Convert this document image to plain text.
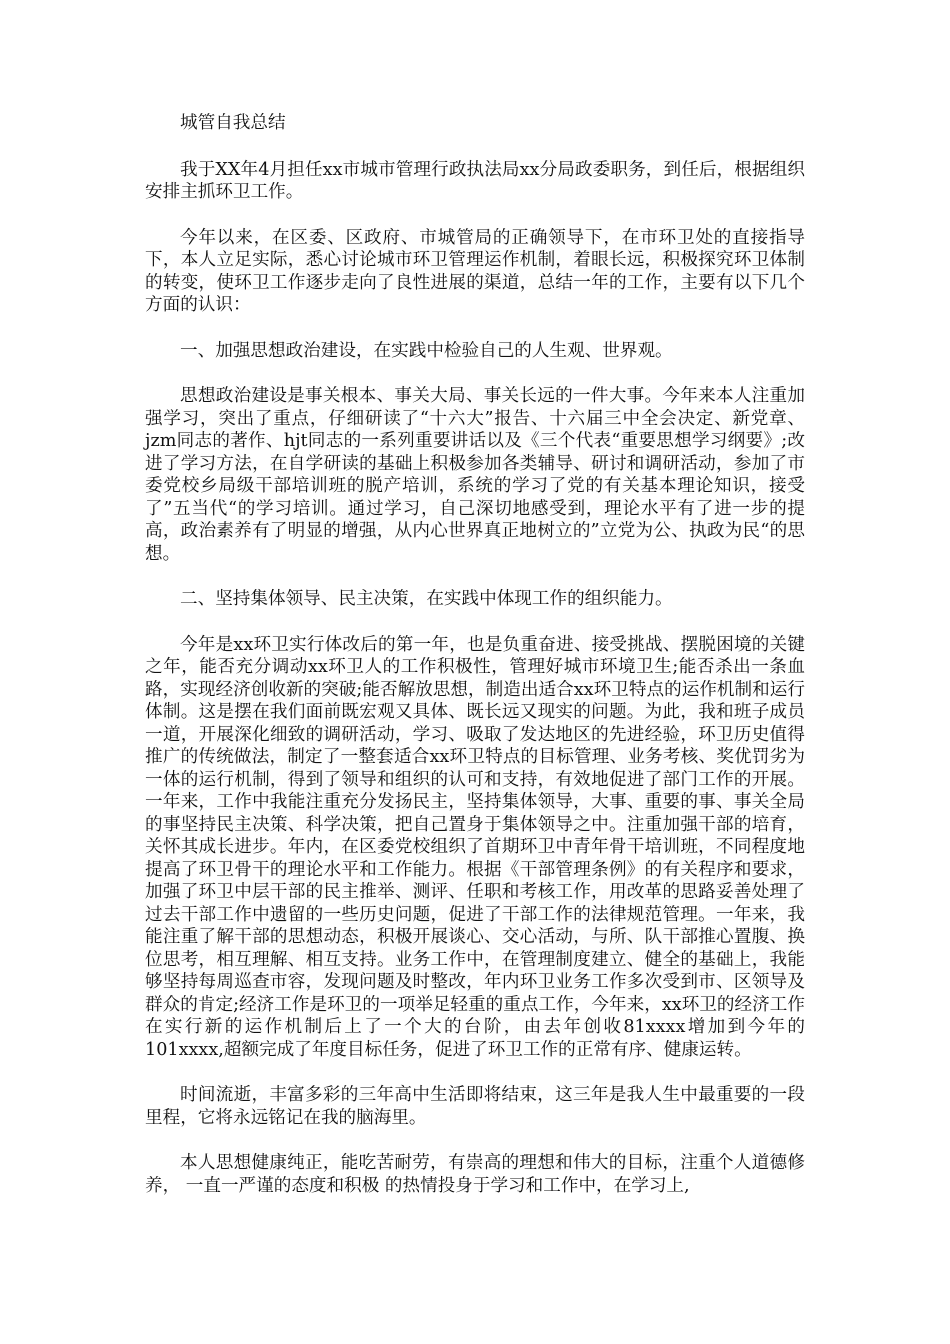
城管自我总结

我于XX年4月担任xx市城市管理行政执法局xx分局政委职务，到任后，根据组织安排主抓环卫工作。

今年以来，在区委、区政府、市城管局的正确领导下，在市环卫处的直接指导下，本人立足实际，悉心讨论城市环卫管理运作机制，着眼长远，积极探究环卫体制的转变，使环卫工作逐步走向了良性进展的渠道，总结一年的工作，主要有以下几个方面的认识：

一、加强思想政治建设，在实践中检验自己的人生观、世界观。

思想政治建设是事关根本、事关大局、事关长远的一件大事。今年来本人注重加强学习，突出了重点，仔细研读了“十六大”报告、十六届三中全会决定、新党章、jzm同志的著作、hjt同志的一系列重要讲话以及《三个代表“重要思想学习纲要》;改进了学习方法，在自学研读的基础上积极参加各类辅导、研讨和调研活动，参加了市委党校乡局级干部培训班的脱产培训，系统的学习了党的有关基本理论知识，接受了”五当代“的学习培训。通过学习，自己深切地感受到，理论水平有了进一步的提高，政治素养有了明显的增强，从内心世界真正地树立的”立党为公、执政为民“的思想。

二、坚持集体领导、民主决策，在实践中体现工作的组织能力。

今年是xx环卫实行体改后的第一年，也是负重奋进、接受挑战、摆脱困境的关键之年，能否充分调动xx环卫人的工作积极性，管理好城市环境卫生;能否杀出一条血路，实现经济创收新的突破;能否解放思想，制造出适合xx环卫特点的运作机制和运行体制。这是摆在我们面前既宏观又具体、既长远又现实的问题。为此，我和班子成员一道，开展深化细致的调研活动，学习、吸取了发达地区的先进经验，环卫历史值得推广的传统做法，制定了一整套适合xx环卫特点的目标管理、业务考核、奖优罚劣为一体的运行机制，得到了领导和组织的认可和支持，有效地促进了部门工作的开展。一年来，工作中我能注重充分发扬民主，坚持集体领导，大事、重要的事、事关全局的事坚持民主决策、科学决策，把自己置身于集体领导之中。注重加强干部的培育，关怀其成长进步。年内，在区委党校组织了首期环卫中青年骨干培训班，不同程度地提高了环卫骨干的理论水平和工作能力。根据《干部管理条例》的有关程序和要求，加强了环卫中层干部的民主推举、测评、任职和考核工作，用改革的思路妥善处理了过去干部工作中遗留的一些历史问题，促进了干部工作的法律规范管理。一年来，我能注重了解干部的思想动态，积极开展谈心、交心活动，与所、队干部推心置腹、换位思考，相互理解、相互支持。业务工作中，在管理制度建立、健全的基础上，我能够坚持每周巡查市容，发现问题及时整改，年内环卫业务工作多次受到市、区领导及群众的肯定;经济工作是环卫的一项举足轻重的重点工作，今年来，xx环卫的经济工作在实行新的运作机制后上了一个大的台阶，由去年创收81xxxx增加到今年的101xxxx,超额完成了年度目标任务，促进了环卫工作的正常有序、健康运转。

时间流逝，丰富多彩的三年高中生活即将结束，这三年是我人生中最重要的一段里程，它将永远铭记在我的脑海里。

本人思想健康纯正，能吃苦耐劳，有崇高的理想和伟大的目标，注重个人道德修养， 一直一严谨的态度和积极 的热情投身于学习和工作中，在学习上,
